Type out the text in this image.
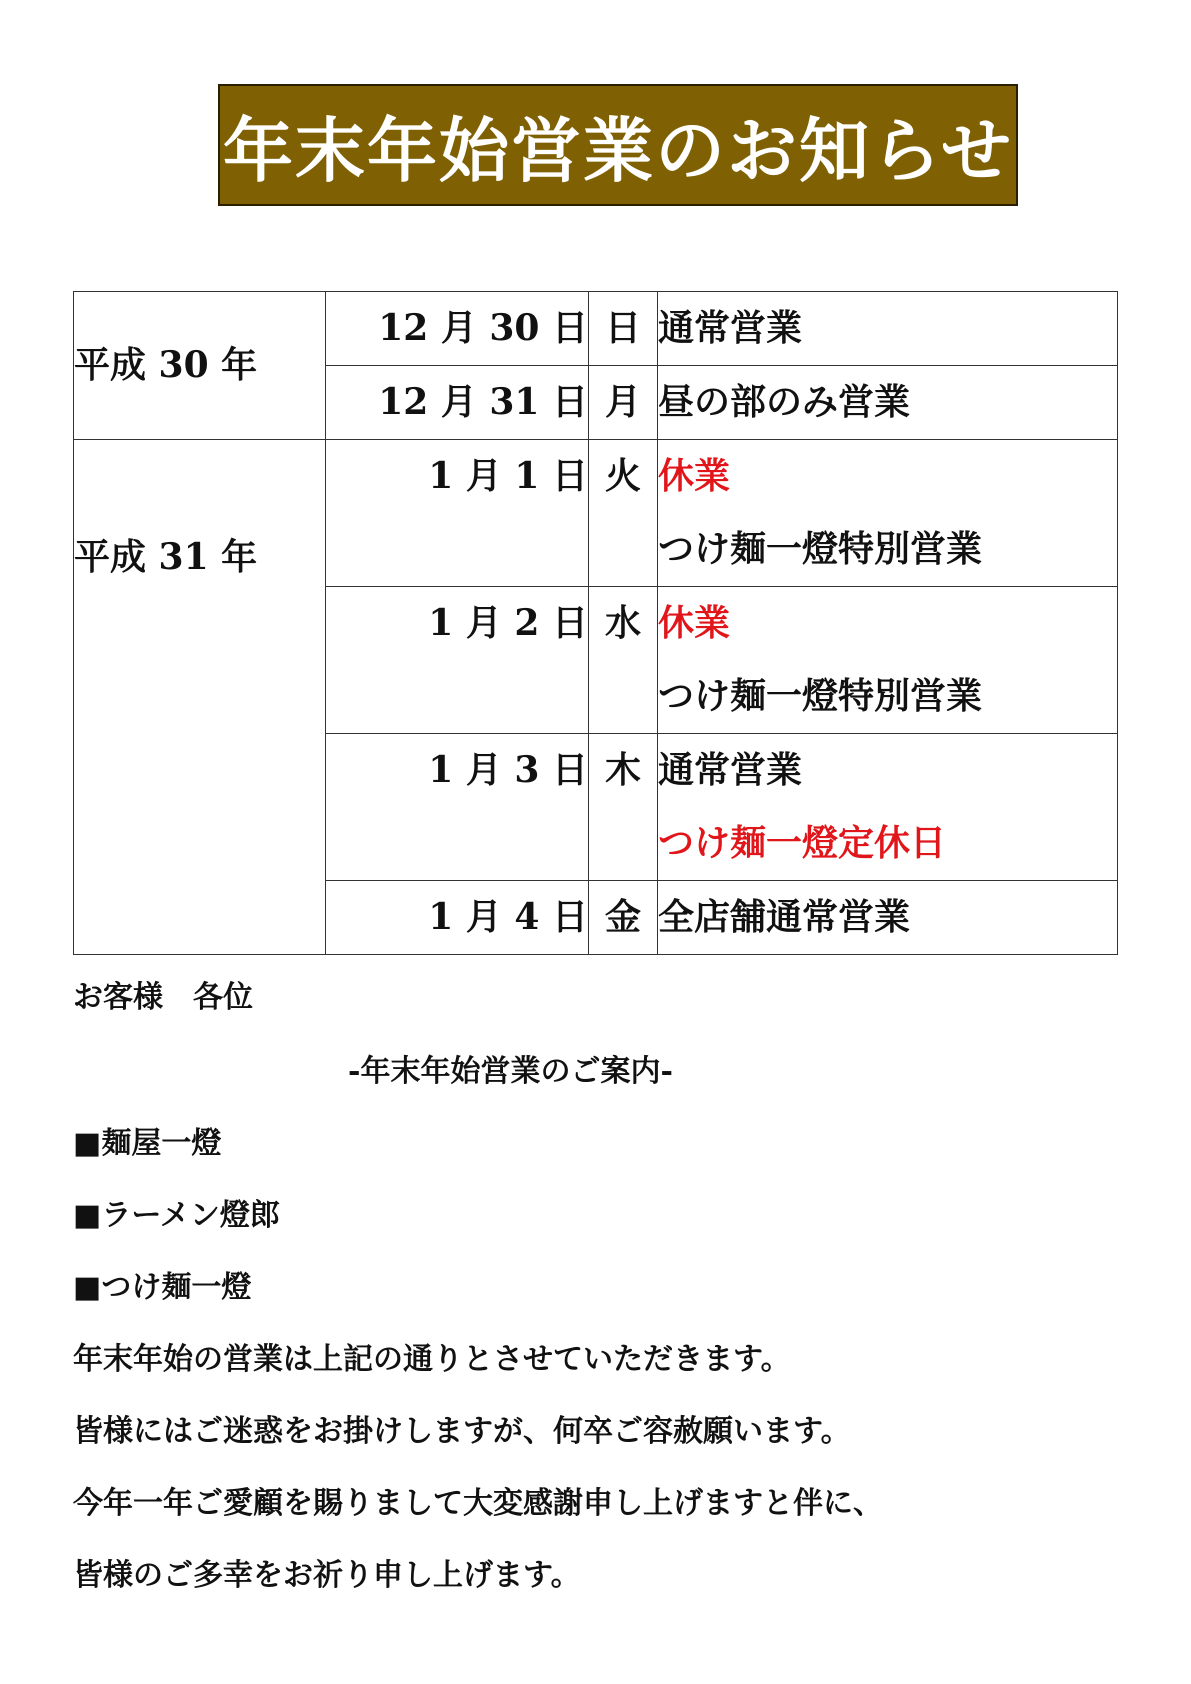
年末年始営業のお知らせ
平成 30 年	12 月 30 日	日	通常営業

	12 月 31 日	月	昼の部のみ営業

平成 31 年	1 月 1 日	火	休業
つけ麺一燈特別営業

	1 月 2 日	水	休業
つけ麺一燈特別営業

	1 月 3 日	木	通常営業
つけ麺一燈定休日

	1 月 4 日	金	全店舗通常営業
お客様　各位
-年末年始営業のご案内-
■麺屋一燈
■ラーメン燈郎
■つけ麺一燈
年末年始の営業は上記の通りとさせていただきます。
皆様にはご迷惑をお掛けしますが、何卒ご容赦願います。
今年一年ご愛顧を賜りまして大変感謝申し上げますと伴に、
皆様のご多幸をお祈り申し上げます。
